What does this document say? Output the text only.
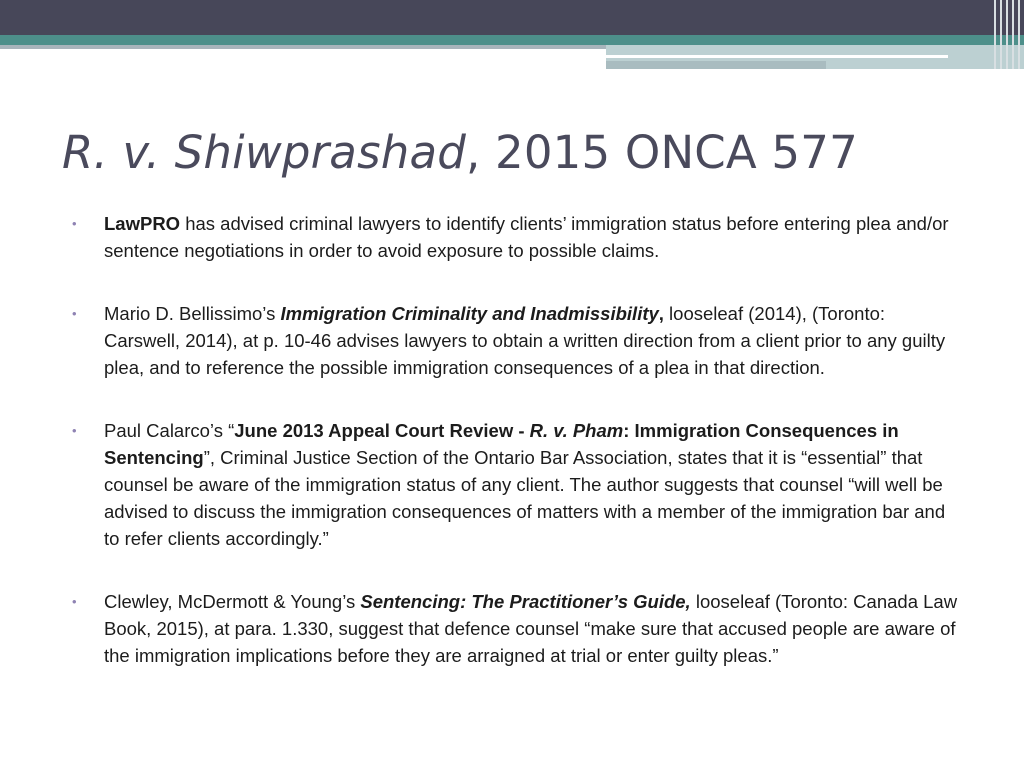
R. v. Shiwprashad, 2015 ONCA 577
•	LawPRO has advised criminal lawyers to identify clients’ immigration status before entering plea and/or sentence negotiations in order to avoid exposure to possible claims.
•	Mario D. Bellissimo’s Immigration Criminality and Inadmissibility, looseleaf (2014), (Toronto: Carswell, 2014), at p. 10-46 advises lawyers to obtain a written direction from a client prior to any guilty plea, and to reference the possible immigration consequences of a plea in that direction.
•	Paul Calarco’s “June 2013 Appeal Court Review - R. v. Pham: Immigration Consequences in Sentencing”, Criminal Justice Section of the Ontario Bar Association, states that it is “essential” that counsel be aware of the immigration status of any client. The author suggests that counsel “will well be advised to discuss the immigration consequences of matters with a member of the immigration bar and to refer clients accordingly.”
•	Clewley, McDermott & Young’s Sentencing: The Practitioner’s Guide, looseleaf (Toronto: Canada Law Book, 2015), at para. 1.330, suggest that defence counsel “make sure that accused people are aware of the immigration implications before they are arraigned at trial or enter guilty pleas.”
